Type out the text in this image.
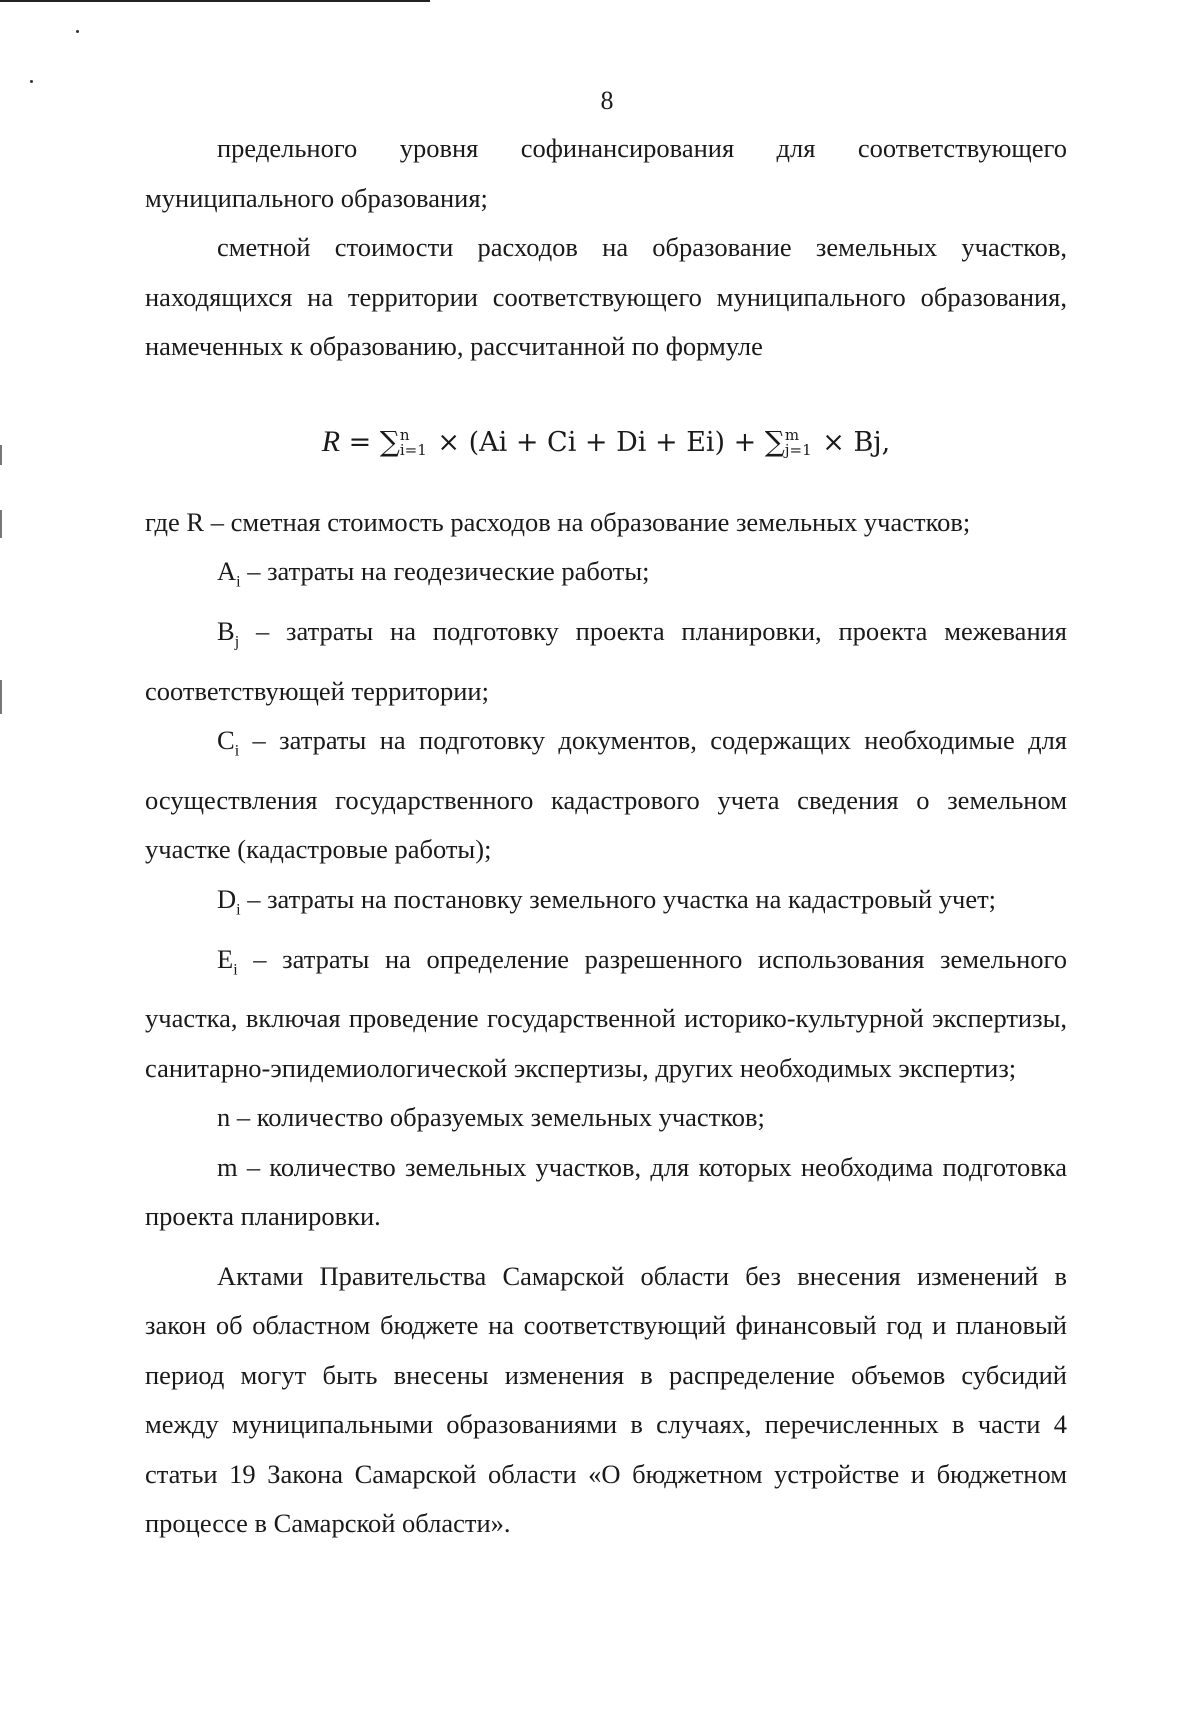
8

предельного уровня софинансирования для соответствующего муниципального образования;

сметной стоимости расходов на образование земельных участков, находящихся на территории соответствующего муниципального образования, намеченных к образованию, рассчитанной по формуле

R = ∑ n
i=1 × (Ai + Ci + Di + Ei) + ∑ m
j=1 × Bj,

где R – сметная стоимость расходов на образование земельных участков;

$A_i$ – затраты на геодезические работы;

$B_j$ – затраты на подготовку проекта планировки, проекта межевания соответствующей территории;

$C_i$ – затраты на подготовку документов, содержащих необходимые для осуществления государственного кадастрового учета сведения о земельном участке (кадастровые работы);

$D_i$ – затраты на постановку земельного участка на кадастровый учет;

$E_i$ – затраты на определение разрешенного использования земельного участка, включая проведение государственной историко-культурной экспертизы, санитарно-эпидемиологической экспертизы, других необходимых экспертиз;

n – количество образуемых земельных участков;

m – количество земельных участков, для которых необходима подготовка проекта планировки.

Актами Правительства Самарской области без внесения изменений в закон об областном бюджете на соответствующий финансовый год и плановый период могут быть внесены изменения в распределение объемов субсидий между муниципальными образованиями в случаях, перечисленных в части 4 статьи 19 Закона Самарской области «О бюджетном устройстве и бюджетном процессе в Самарской области».
